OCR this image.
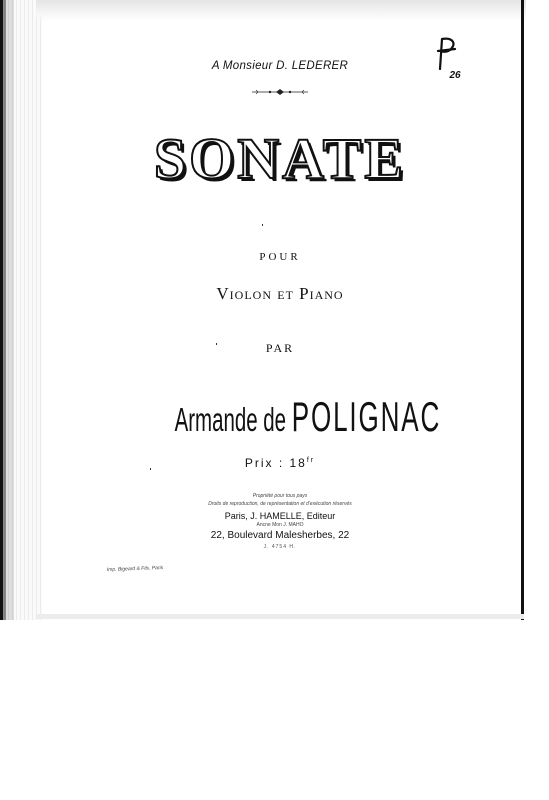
A Monsieur D. LEDERER
SONATE
POUR
Violon et Piano
PAR
Armande de POLIGNAC
Prix : $18^{fr}$
Propriété pour tous pays
Droits de reproduction, de représentation et d'exécution réservés
Paris, J. HAMELLE, Editeur
Ancne Mon J. MAHO
22, Boulevard Malesherbes, 22
J. 4754 H.
Imp. Bigeard & Fils, Paris
26
